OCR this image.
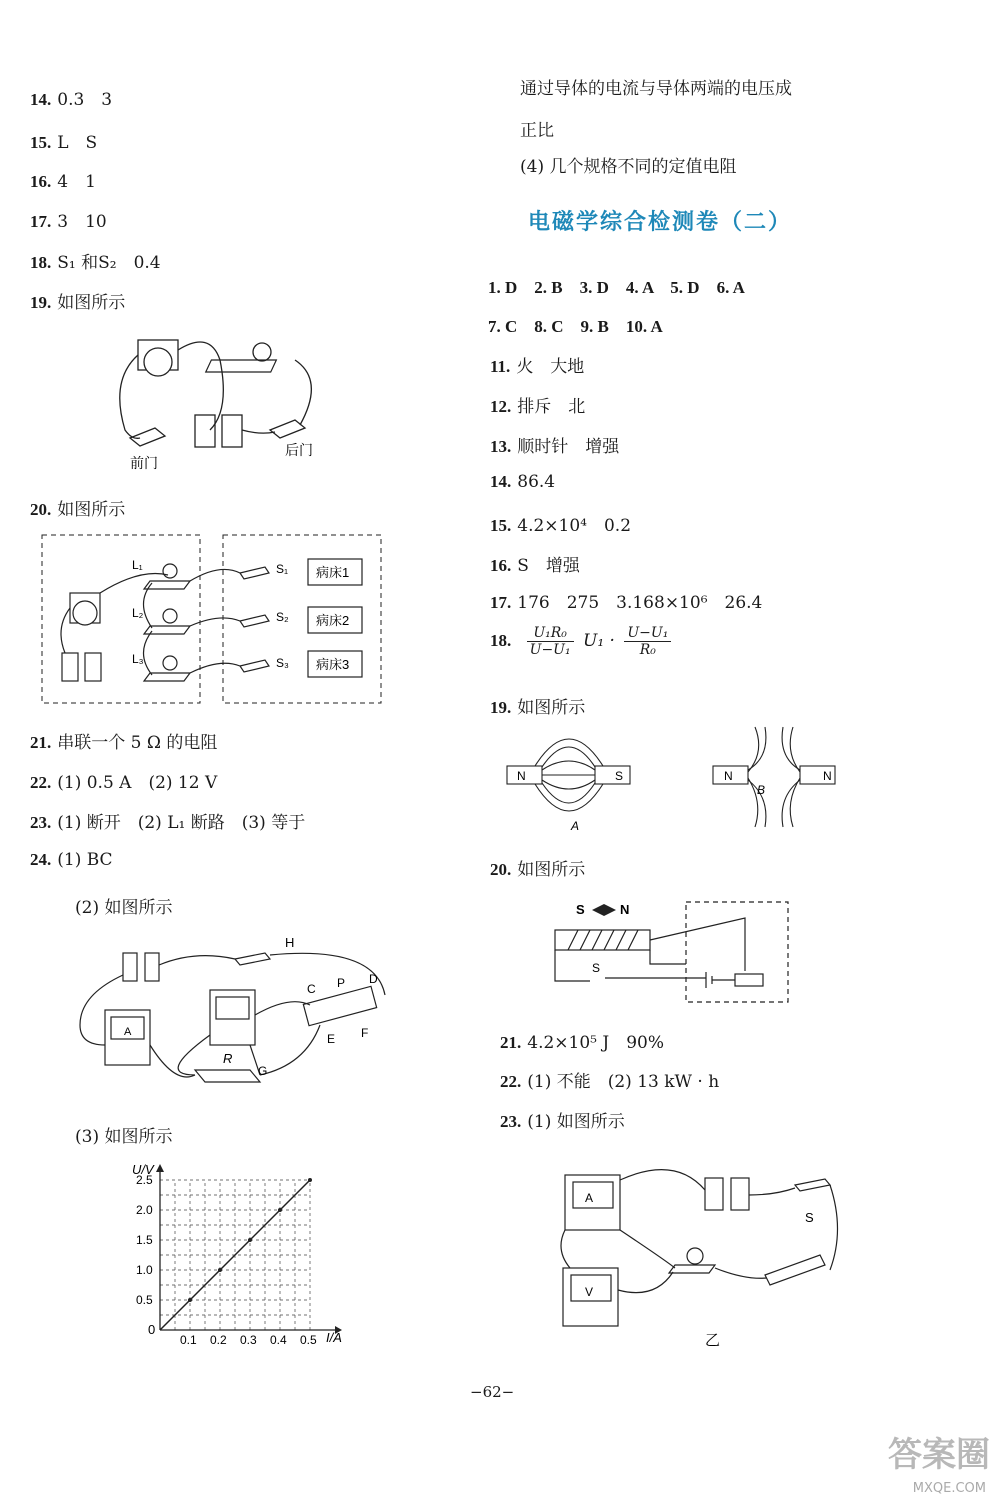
14. 0.3　3
15. L　S
16. 4　1
17. 3　10
18. S₁ 和S₂　0.4
19. 如图所示
前门
后门
20. 如图所示
L₁
L₂
L₃
S₁
S₂
S₃
病床1
病床2
病床3
21. 串联一个 5 Ω 的电阻
22. (1) 0.5 A　(2) 12 V
23. (1) 断开　(2) L₁ 断路　(3) 等于
24. (1) BC
(2) 如图所示
H
C P D
E F
R
G
A
(3) 如图所示
U/V
I/A
0
0.1 0.2 0.3 0.4 0.5
0.5
1.0
1.5
2.0
2.5
通过导体的电流与导体两端的电压成
正比
(4) 几个规格不同的定值电阻
电磁学综合检测卷（二）
1. D　2. B　3. D　4. A　5. D　6. A
7. C　8. C　9. B　10. A
11. 火　大地
12. 排斥　北
13. 顺时针　增强
14. 86.4
15. 4.2×10⁴　0.2
16. S　增强
17. 176　275　3.168×10⁶　26.4
18. $\frac{\text{U₁R₀}}{\text{U−U₁}} U_1 \cdot \frac{\text{U−U₁}}{\text{R₀}}$
19. 如图所示
N	S	N	N
A
B
20. 如图所示
S	N
S
21. 4.2×10⁵ J　90%
22. (1) 不能　(2) 13 kW · h
23. (1) 如图所示
A
V
S
乙
−62−
答案圈
MXQE.COM
